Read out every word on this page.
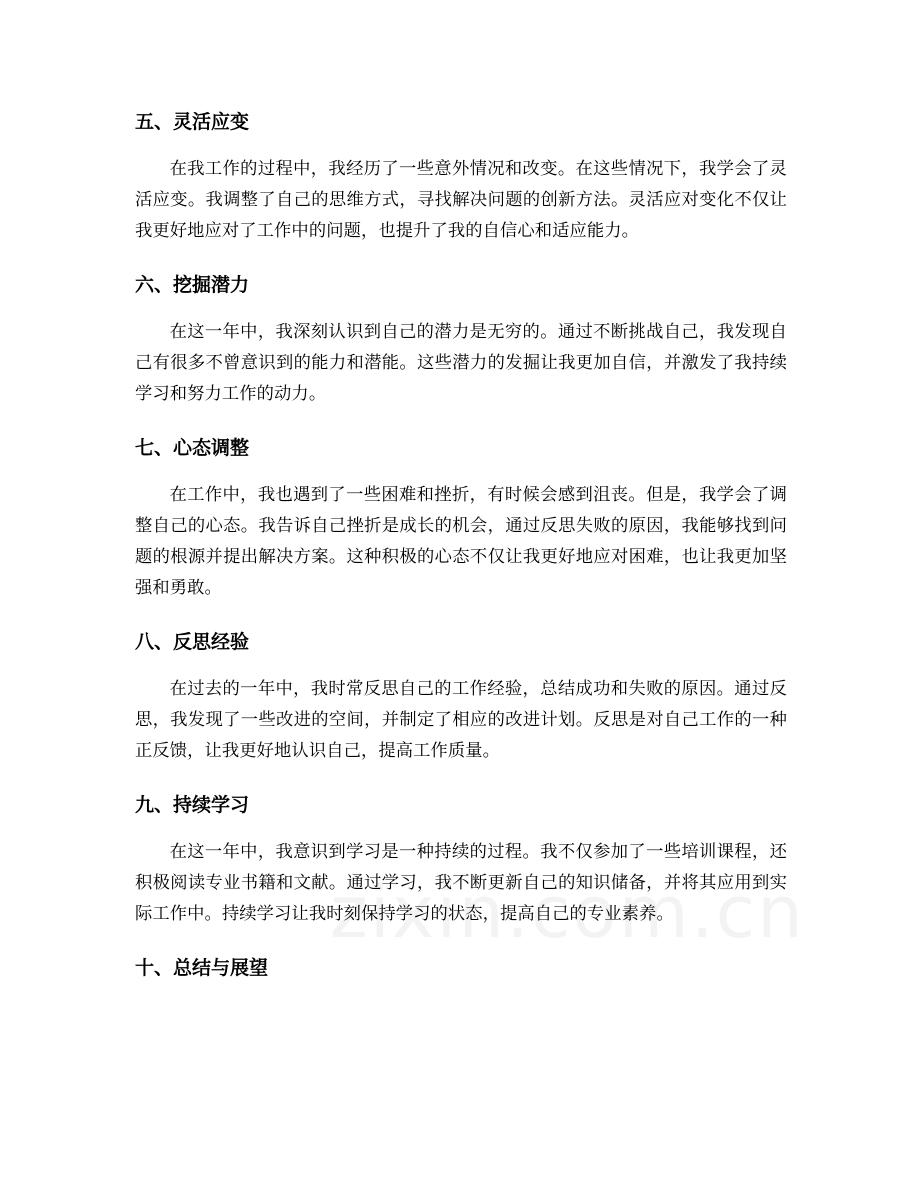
五、灵活应变

在我工作的过程中，我经历了一些意外情况和改变。在这些情况下，我学会了灵活应变。我调整了自己的思维方式，寻找解决问题的创新方法。灵活应对变化不仅让我更好地应对了工作中的问题，也提升了我的自信心和适应能力。

六、挖掘潜力

在这一年中，我深刻认识到自己的潜力是无穷的。通过不断挑战自己，我发现自己有很多不曾意识到的能力和潜能。这些潜力的发掘让我更加自信，并激发了我持续学习和努力工作的动力。

七、心态调整

在工作中，我也遇到了一些困难和挫折，有时候会感到沮丧。但是，我学会了调整自己的心态。我告诉自己挫折是成长的机会，通过反思失败的原因，我能够找到问题的根源并提出解决方案。这种积极的心态不仅让我更好地应对困难，也让我更加坚强和勇敢。

八、反思经验

在过去的一年中，我时常反思自己的工作经验，总结成功和失败的原因。通过反思，我发现了一些改进的空间，并制定了相应的改进计划。反思是对自己工作的一种正反馈，让我更好地认识自己，提高工作质量。

九、持续学习

在这一年中，我意识到学习是一种持续的过程。我不仅参加了一些培训课程，还积极阅读专业书籍和文献。通过学习，我不断更新自己的知识储备，并将其应用到实际工作中。持续学习让我时刻保持学习的状态，提高自己的专业素养。

十、总结与展望
